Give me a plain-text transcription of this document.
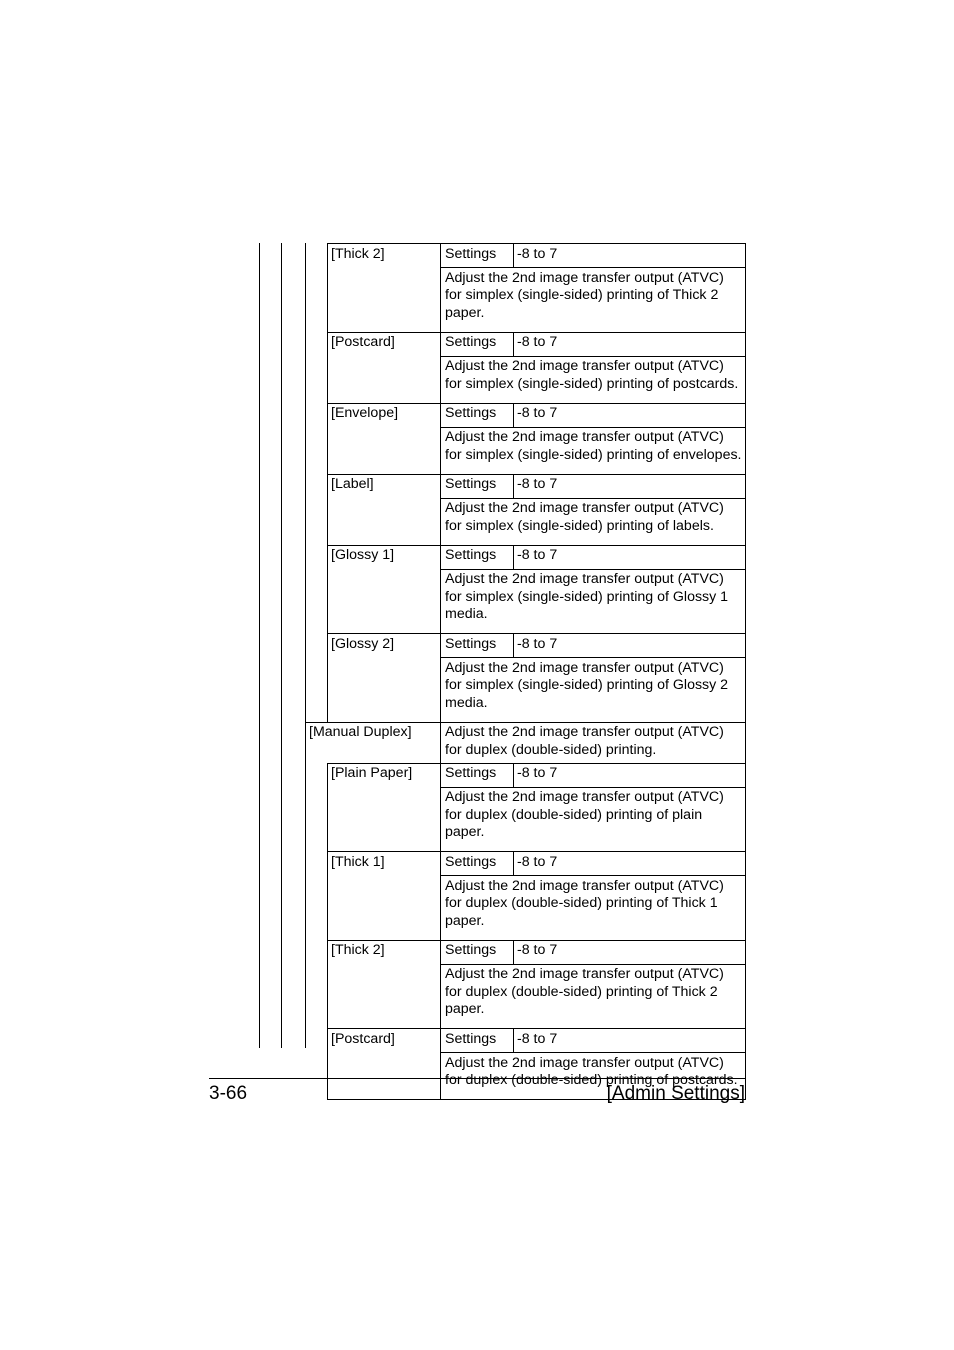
[Thick 2]	Settings -8 to 7
Adjust the 2nd image transfer output (ATVC)
for simplex (single-sided) printing of Thick 2
paper.
[Postcard]	Settings -8 to 7
Adjust the 2nd image transfer output (ATVC)
for simplex (single-sided) printing of postcards.
[Envelope]	Settings -8 to 7
Adjust the 2nd image transfer output (ATVC)
for simplex (single-sided) printing of envelopes.
[Label]	Settings -8 to 7
Adjust the 2nd image transfer output (ATVC)
for simplex (single-sided) printing of labels.
[Glossy 1]	Settings -8 to 7
Adjust the 2nd image transfer output (ATVC)
for simplex (single-sided) printing of Glossy 1
media.
[Glossy 2]	Settings -8 to 7
Adjust the 2nd image transfer output (ATVC)
for simplex (single-sided) printing of Glossy 2
media.
[Manual Duplex] Adjust the 2nd image transfer output (ATVC)
for duplex (double-sided) printing.
[Plain Paper] Settings -8 to 7
Adjust the 2nd image transfer output (ATVC)
for duplex (double-sided) printing of plain
paper.
[Thick 1]	Settings -8 to 7
Adjust the 2nd image transfer output (ATVC)
for duplex (double-sided) printing of Thick 1
paper.
[Thick 2]	Settings -8 to 7
Adjust the 2nd image transfer output (ATVC)
for duplex (double-sided) printing of Thick 2
paper.
[Postcard]	Settings -8 to 7
Adjust the 2nd image transfer output (ATVC)
for duplex (double-sided) printing of postcards.
3-66	[Admin Settings]
